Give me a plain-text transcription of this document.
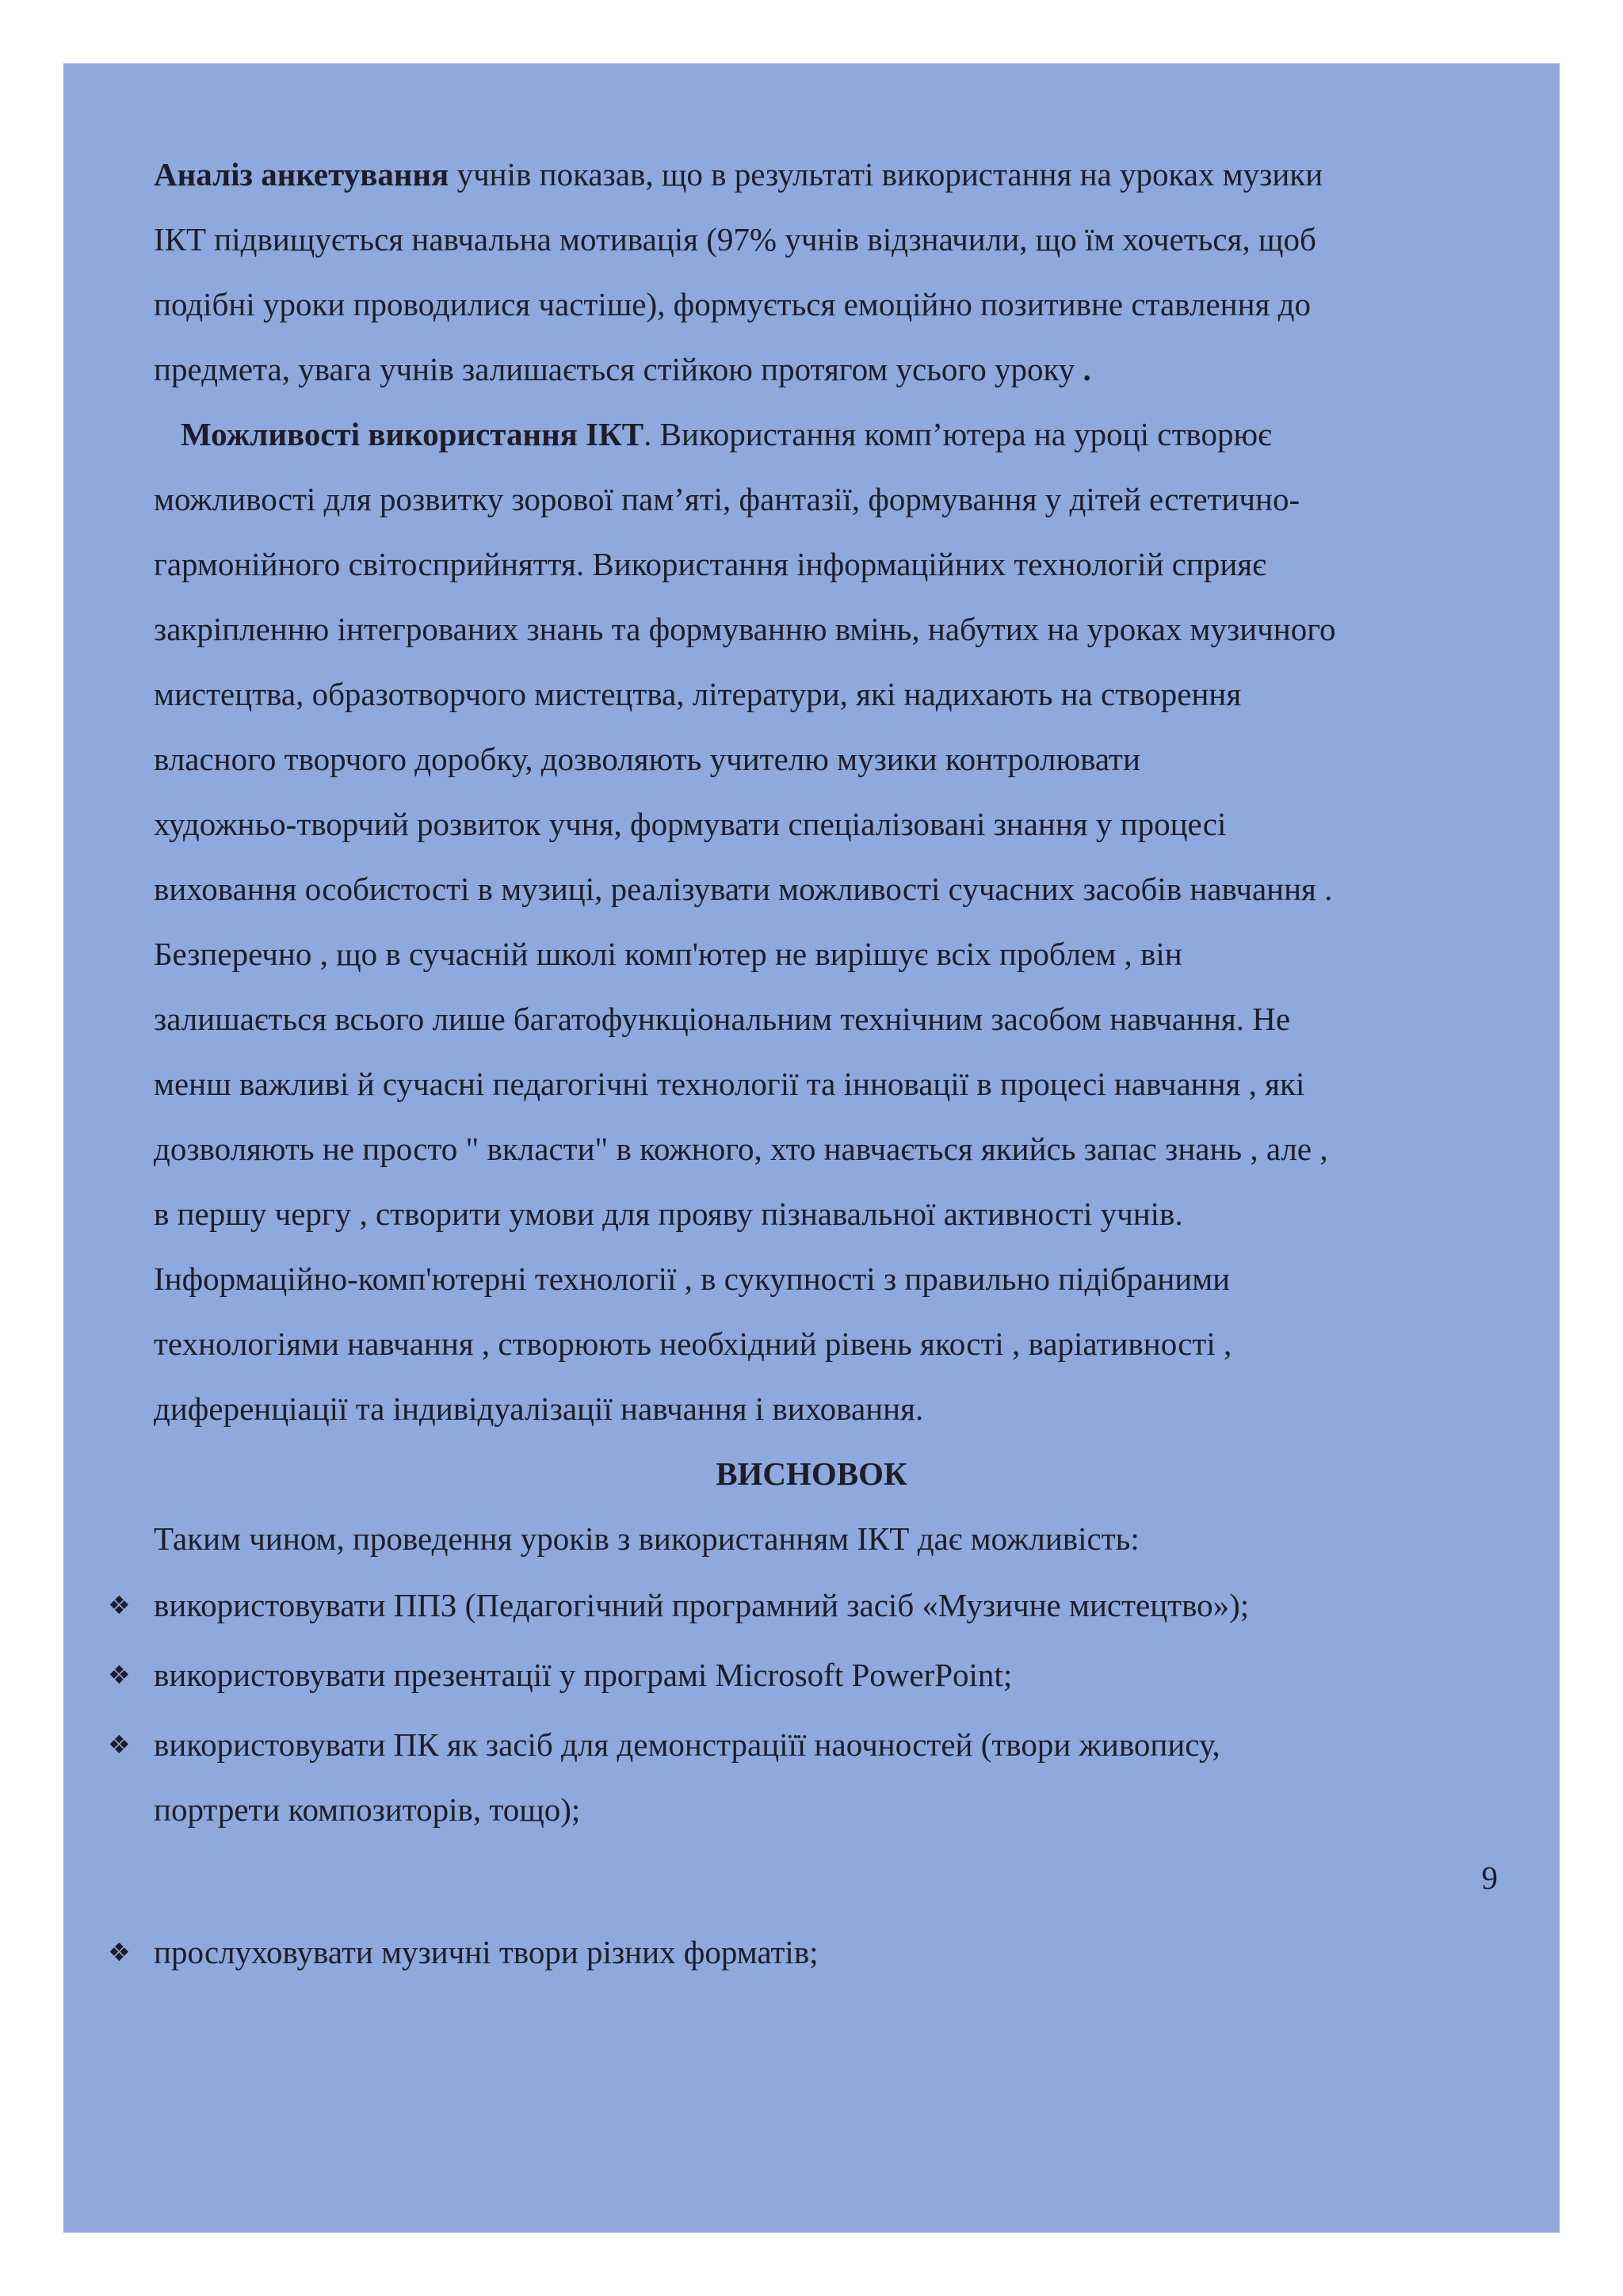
Аналіз анкетування учнів показав, що в результаті використання на уроках музики

ІКТ підвищується навчальна мотивація (97% учнів відзначили, що їм хочеться, щоб

подібні уроки проводилися частіше), формується емоційно позитивне ставлення до

предмета, увага учнів залишається стійкою протягом усього уроку .

Можливості використання ІКТ. Використання комп’ютера на уроці створює

можливості для розвитку зорової пам’яті, фантазії, формування у дітей естетично-

гармонійного світосприйняття. Використання інформаційних технологій сприяє

закріпленню інтегрованих знань та формуванню вмінь, набутих на уроках музичного

мистецтва, образотворчого мистецтва, літератури, які надихають на створення

власного творчого доробку, дозволяють учителю музики контролювати

художньо-творчий розвиток учня, формувати спеціалізовані знання у процесі

виховання особистості в музиці, реалізувати можливості сучасних засобів навчання .

Безперечно , що в сучасній школі комп'ютер не вирішує всіх проблем , він

залишається всього лише багатофункціональним технічним засобом навчання. Не

менш важливі й сучасні педагогічні технології та інновації в процесі навчання , які

дозволяють не просто " вкласти" в кожного, хто навчається якийсь запас знань , але ,

в першу чергу , створити умови для прояву пізнавальної активності учнів.

Інформаційно-комп'ютерні технології , в сукупності з правильно підібраними

технологіями навчання , створюють необхідний рівень якості , варіативності ,

диференціації та індивідуалізації навчання і виховання.

ВИСНОВОК

Таким чином, проведення уроків з використанням ІКТ дає можливість:

❖ використовувати ППЗ (Педагогічний програмний засіб «Музичне мистецтво»);

❖ використовувати презентації у програмі Microsoft PowerPoint;

❖ використовувати ПК як засіб для демонстраціїї наочностей (твори живопису,

портрети композиторів, тощо);

9
❖ прослуховувати музичні твори різних форматів;
